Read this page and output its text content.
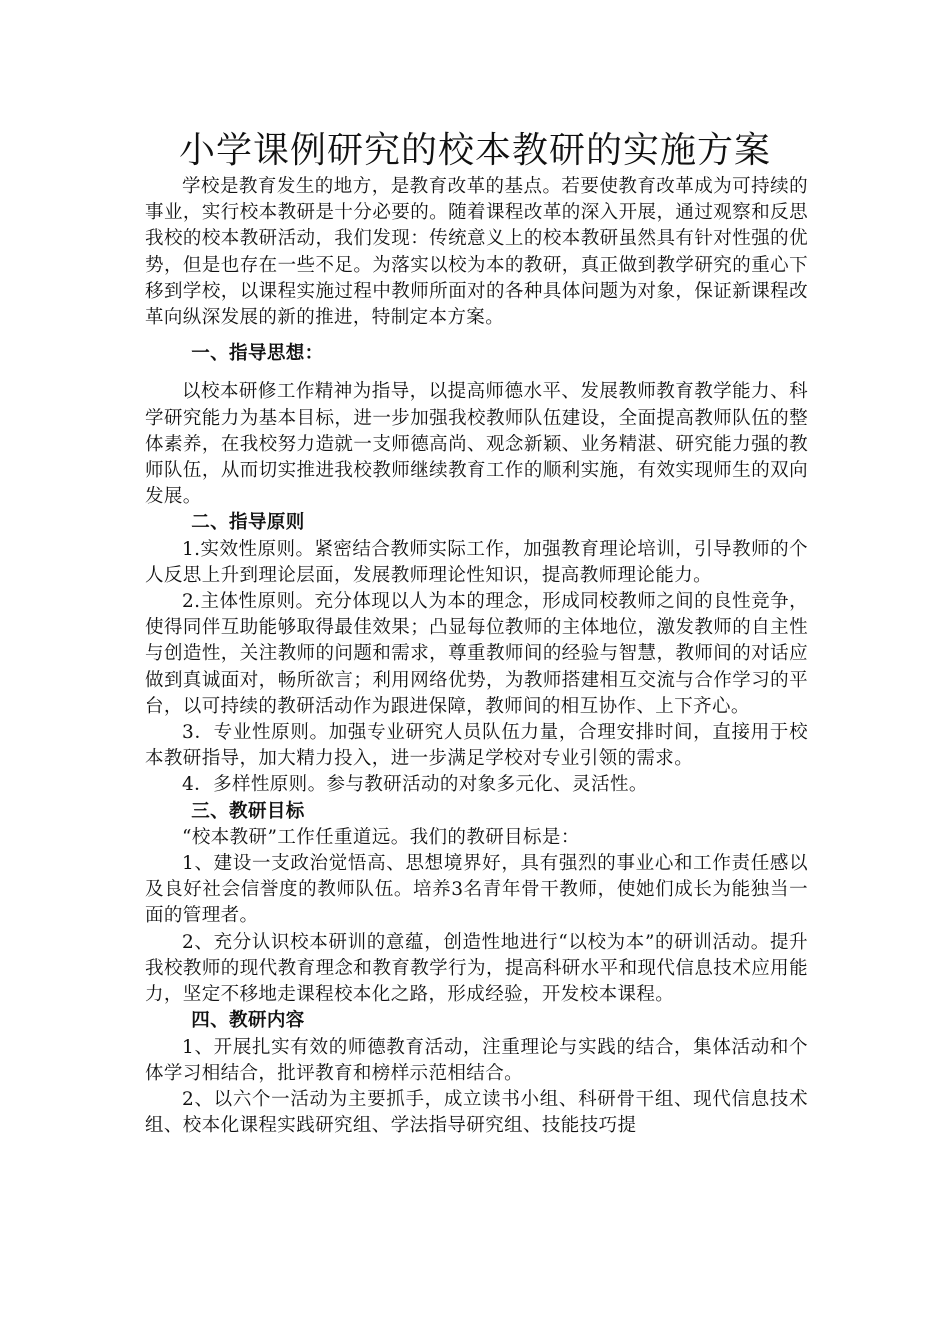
小学课例研究的校本教研的实施方案

学校是教育发生的地方，是教育改革的基点。若要使教育改革成为可持续的事业，实行校本教研是十分必要的。随着课程改革的深入开展，通过观察和反思我校的校本教研活动，我们发现：传统意义上的校本教研虽然具有针对性强的优势，但是也存在一些不足。为落实以校为本的教研，真正做到教学研究的重心下移到学校，以课程实施过程中教师所面对的各种具体问题为对象，保证新课程改革向纵深发展的新的推进，特制定本方案。

一、指导思想：

以校本研修工作精神为指导，以提高师德水平、发展教师教育教学能力、科学研究能力为基本目标，进一步加强我校教师队伍建设，全面提高教师队伍的整体素养，在我校努力造就一支师德高尚、观念新颖、业务精湛、研究能力强的教师队伍，从而切实推进我校教师继续教育工作的顺利实施，有效实现师生的双向发展。

二、指导原则

1.实效性原则。紧密结合教师实际工作，加强教育理论培训，引导教师的个人反思上升到理论层面，发展教师理论性知识，提高教师理论能力。

2.主体性原则。充分体现以人为本的理念，形成同校教师之间的良性竞争，使得同伴互助能够取得最佳效果；凸显每位教师的主体地位，激发教师的自主性与创造性，关注教师的问题和需求，尊重教师间的经验与智慧，教师间的对话应做到真诚面对，畅所欲言；利用网络优势，为教师搭建相互交流与合作学习的平台，以可持续的教研活动作为跟进保障，教师间的相互协作、上下齐心。

3．专业性原则。加强专业研究人员队伍力量，合理安排时间，直接用于校本教研指导，加大精力投入，进一步满足学校对专业引领的需求。

4．多样性原则。参与教研活动的对象多元化、灵活性。

三、教研目标

“校本教研”工作任重道远。我们的教研目标是：

1、建设一支政治觉悟高、思想境界好，具有强烈的事业心和工作责任感以及良好社会信誉度的教师队伍。培养3名青年骨干教师，使她们成长为能独当一面的管理者。

2、充分认识校本研训的意蕴，创造性地进行“以校为本”的研训活动。提升我校教师的现代教育理念和教育教学行为，提高科研水平和现代信息技术应用能力，坚定不移地走课程校本化之路，形成经验，开发校本课程。

四、教研内容

1、开展扎实有效的师德教育活动，注重理论与实践的结合，集体活动和个体学习相结合，批评教育和榜样示范相结合。

2、以六个一活动为主要抓手，成立读书小组、科研骨干组、现代信息技术组、校本化课程实践研究组、学法指导研究组、技能技巧提
